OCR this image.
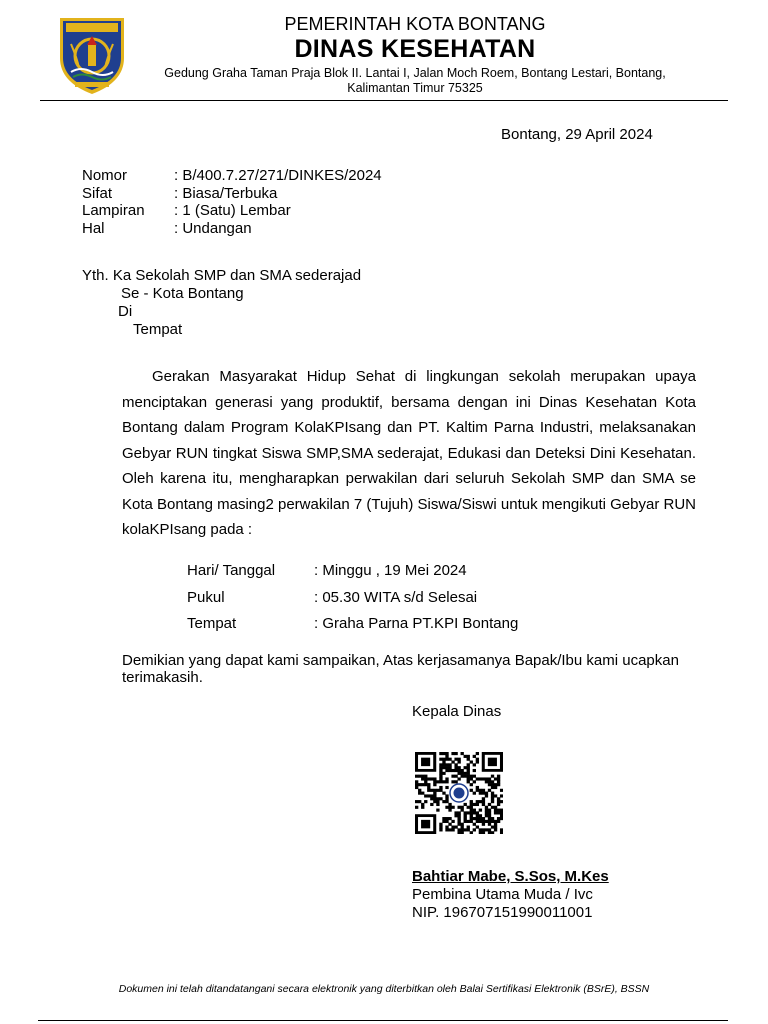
PEMERINTAH KOTA BONTANG
DINAS KESEHATAN
Gedung Graha Taman Praja Blok II. Lantai I, Jalan Moch Roem, Bontang Lestari, Bontang,
Kalimantan Timur 75325
Bontang, 29 April 2024
Nomor	: B/400.7.27/271/DINKES/2024
Sifat	: Biasa/Terbuka
Lampiran	: 1 (Satu) Lembar
Hal	: Undangan
Yth. Ka Sekolah SMP dan SMA sederajad
Se - Kota Bontang
Di
Tempat
Gerakan Masyarakat Hidup Sehat di lingkungan sekolah merupakan upaya menciptakan generasi yang produktif, bersama dengan ini Dinas Kesehatan Kota Bontang dalam Program KolaKPIsang dan PT. Kaltim Parna Industri, melaksanakan Gebyar RUN tingkat Siswa SMP,SMA sederajat, Edukasi dan Deteksi Dini Kesehatan. Oleh karena itu, mengharapkan perwakilan dari seluruh Sekolah SMP dan SMA se Kota Bontang masing2 perwakilan 7 (Tujuh) Siswa/Siswi untuk mengikuti Gebyar RUN kolaKPIsang pada :
Hari/ Tanggal	: Minggu , 19 Mei 2024
Pukul	: 05.30 WITA s/d Selesai
Tempat	: Graha Parna PT.KPI Bontang
Demikian yang dapat kami sampaikan, Atas kerjasamanya Bapak/Ibu kami ucapkan terimakasih.
Kepala Dinas
Bahtiar Mabe, S.Sos, M.Kes
Pembina Utama Muda / Ivc
NIP. 196707151990011001
Dokumen ini telah ditandatangani secara elektronik yang diterbitkan oleh Balai Sertifikasi Elektronik (BSrE), BSSN
